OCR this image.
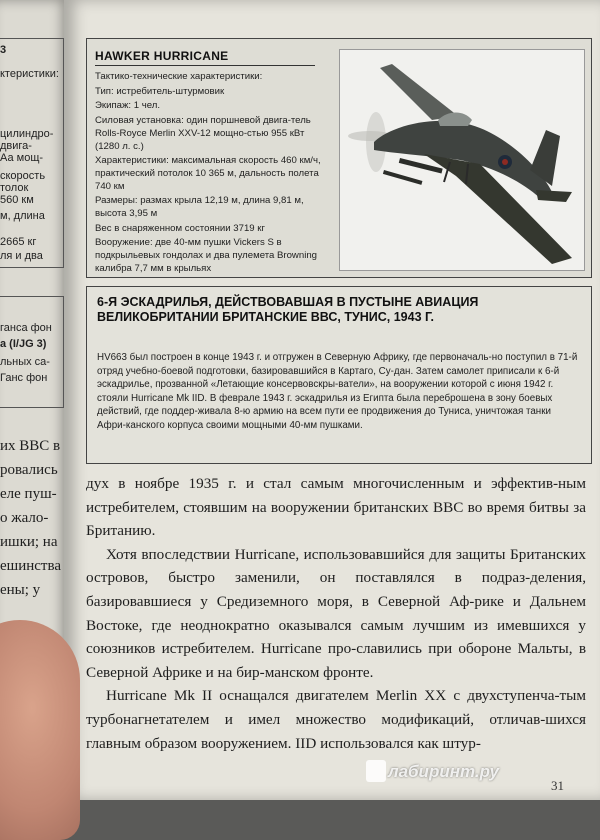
3
ктеристики:
цилиндро-
двига-
Аа мощ-
скорость
толок
560 км
м, длина
2665 кг
ля и два
ганса фон
а (I/JG 3)
льных са-
Ганс фон
их ВВС в
ровались
еле пуш-
о жало-
ишки; на
ешинства
ены; у
HAWKER HURRICANE

Тактико-технические характеристики:

Тип: истребитель-штурмовик

Экипаж: 1 чел.

Силовая установка: один поршневой двига-тель Rolls-Royce Merlin XXV-12 мощно-стью 955 кВт (1280 л. с.)

Характеристики: максимальная скорость 460 км/ч, практический потолок 10 365 м, дальность полета 740 км

Размеры: размах крыла 12,19 м, длина 9,81 м, высота 3,95 м

Вес в снаряженном состоянии 3719 кг

Вооружение: две 40-мм пушки Vickers S в подкрыльевых гондолах и два пулемета Browning калибра 7,7 мм в крыльях

6-Я ЭСКАДРИЛЬЯ, ДЕЙСТВОВАВШАЯ В ПУСТЫНЕ АВИАЦИЯ ВЕЛИКОБРИТАНИИ БРИТАНСКИЕ ВВС, ТУНИС, 1943 Г.
HV663 был построен в конце 1943 г. и отгружен в Северную Африку, где первоначаль-но поступил в 71-й отряд учебно-боевой подготовки, базировавшийся в Картаго, Су-дан. Затем самолет приписали к 6-й эскадрилье, прозванной «Летающие консервовскры-ватели», на вооружении которой с июня 1942 г. стояли Hurricane Mk IID. В феврале 1943 г. эскадрилья из Египта была переброшена в зону боевых действий, где поддер-живала 8-ю армию на всем пути ее продвижения до Туниса, уничтожая танки Афри-канского корпуса своими мощными 40-мм пушками.

дух в ноябре 1935 г. и стал самым многочисленным и эффектив-ным истребителем, стоявшим на вооружении британских ВВС во время битвы за Британию.

Хотя впоследствии Hurricane, использовавшийся для защиты Британских островов, быстро заменили, он поставлялся в подраз-деления, базировавшиеся у Средиземного моря, в Северной Аф-рике и Дальнем Востоке, где неоднократно оказывался самым лучшим из имевшихся у союзников истребителем. Hurricane про-славились при обороне Мальты, в Северной Африке и на бир-манском фронте.

Hurricane Mk II оснащался двигателем Merlin XX с двухступенча-тым турбонагнетателем и имел множество модификаций, отличав-шихся главным образом вооружением. IID использовался как штур-

31
лабиринт.ру
